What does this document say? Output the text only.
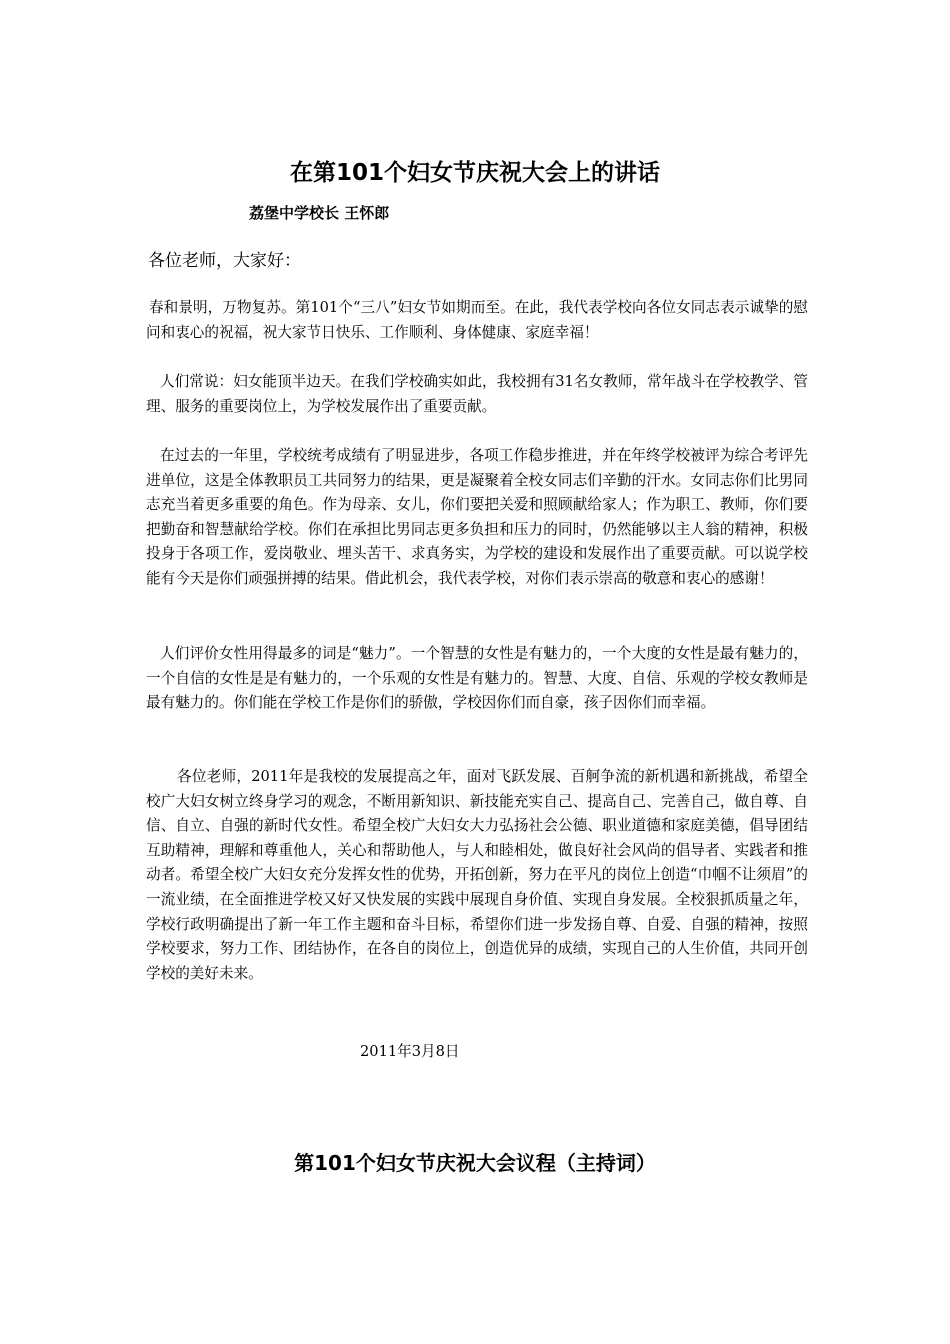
在第101个妇女节庆祝大会上的讲话
荔堡中学校长 王怀郎
各位老师，大家好：

春和景明，万物复苏。第101个“三八”妇女节如期而至。在此，我代表学校向各位女同志表示诚挚的慰问和衷心的祝福，祝大家节日快乐、工作顺利、身体健康、家庭幸福！

人们常说：妇女能顶半边天。在我们学校确实如此，我校拥有31名女教师，常年战斗在学校教学、管理、服务的重要岗位上，为学校发展作出了重要贡献。

在过去的一年里，学校统考成绩有了明显进步，各项工作稳步推进，并在年终学校被评为综合考评先进单位，这是全体教职员工共同努力的结果，更是凝聚着全校女同志们辛勤的汗水。女同志你们比男同志充当着更多重要的角色。作为母亲、女儿，你们要把关爱和照顾献给家人；作为职工、教师，你们要把勤奋和智慧献给学校。你们在承担比男同志更多负担和压力的同时，仍然能够以主人翁的精神，积极投身于各项工作，爱岗敬业、埋头苦干、求真务实，为学校的建设和发展作出了重要贡献。可以说学校能有今天是你们顽强拼搏的结果。借此机会，我代表学校，对你们表示崇高的敬意和衷心的感谢！

人们评价女性用得最多的词是“魅力”。一个智慧的女性是有魅力的，一个大度的女性是最有魅力的，一个自信的女性是是有魅力的，一个乐观的女性是有魅力的。智慧、大度、自信、乐观的学校女教师是最有魅力的。你们能在学校工作是你们的骄傲，学校因你们而自豪，孩子因你们而幸福。

各位老师，2011年是我校的发展提高之年，面对飞跃发展、百舸争流的新机遇和新挑战，希望全校广大妇女树立终身学习的观念，不断用新知识、新技能充实自己、提高自己、完善自己，做自尊、自信、自立、自强的新时代女性。希望全校广大妇女大力弘扬社会公德、职业道德和家庭美德，倡导团结互助精神，理解和尊重他人，关心和帮助他人，与人和睦相处，做良好社会风尚的倡导者、实践者和推动者。希望全校广大妇女充分发挥女性的优势，开拓创新，努力在平凡的岗位上创造“巾帼不让须眉”的一流业绩，在全面推进学校又好又快发展的实践中展现自身价值、实现自身发展。全校狠抓质量之年，学校行政明确提出了新一年工作主题和奋斗目标，希望你们进一步发扬自尊、自爱、自强的精神，按照学校要求，努力工作、团结协作，在各自的岗位上，创造优异的成绩，实现自己的人生价值，共同开创学校的美好未来。

2011年3月8日
第101个妇女节庆祝大会议程（主持词）
